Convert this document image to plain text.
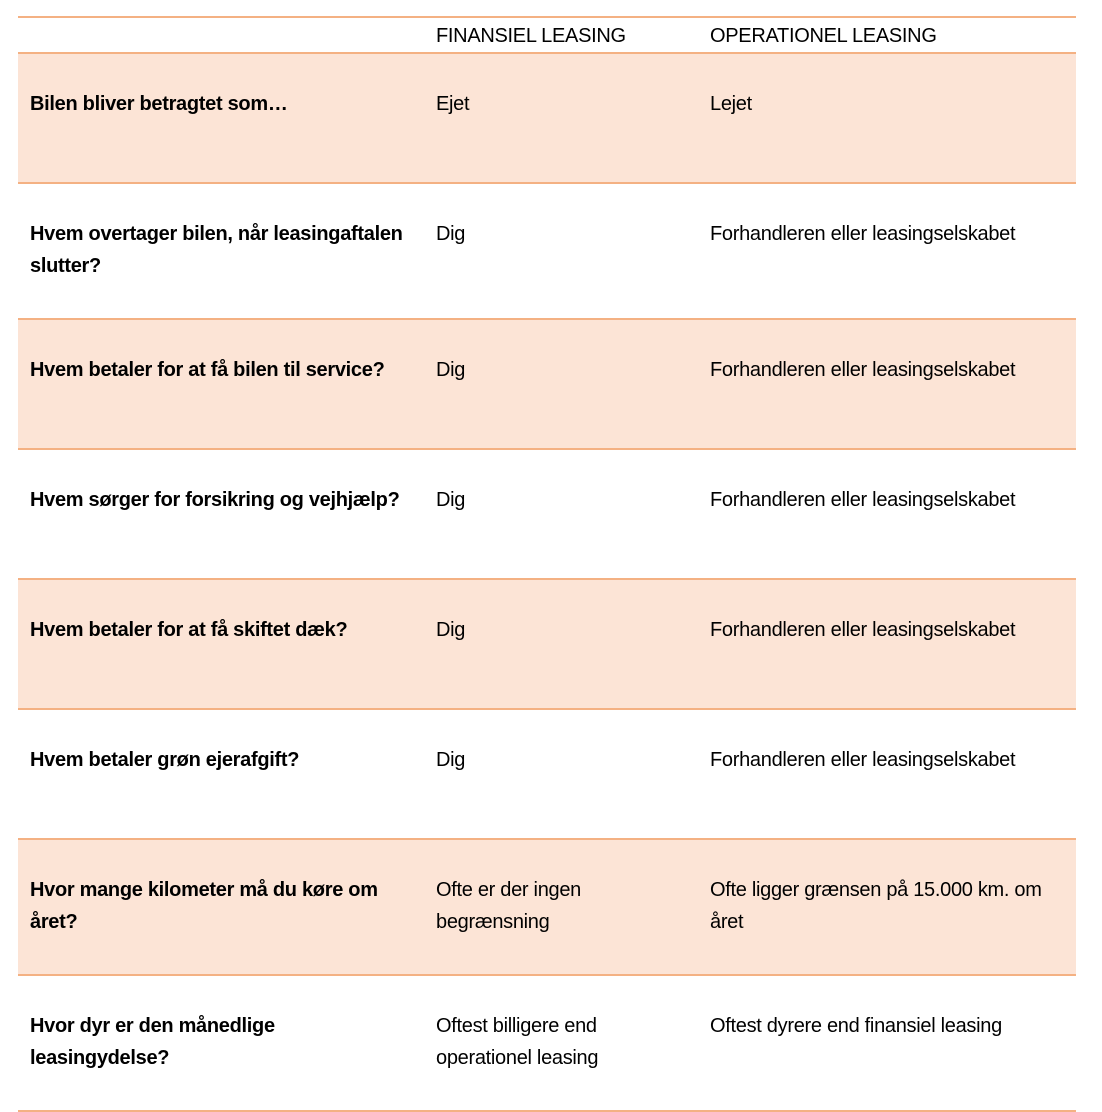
	FINANSIEL LEASING	OPERATIONEL LEASING
Bilen bliver betragtet som…	Ejet	Lejet
Hvem overtager bilen, når leasingaftalen slutter?	Dig	Forhandleren eller leasingselskabet
Hvem betaler for at få bilen til service?	Dig	Forhandleren eller leasingselskabet
Hvem sørger for forsikring og vejhjælp?	Dig	Forhandleren eller leasingselskabet
Hvem betaler for at få skiftet dæk?	Dig	Forhandleren eller leasingselskabet
Hvem betaler grøn ejerafgift?	Dig	Forhandleren eller leasingselskabet
Hvor mange kilometer må du køre om året?	Ofte er der ingen begrænsning	Ofte ligger grænsen på 15.000 km. om året
Hvor dyr er den månedlige leasingydelse?	Oftest billigere end operationel leasing	Oftest dyrere end finansiel leasing
